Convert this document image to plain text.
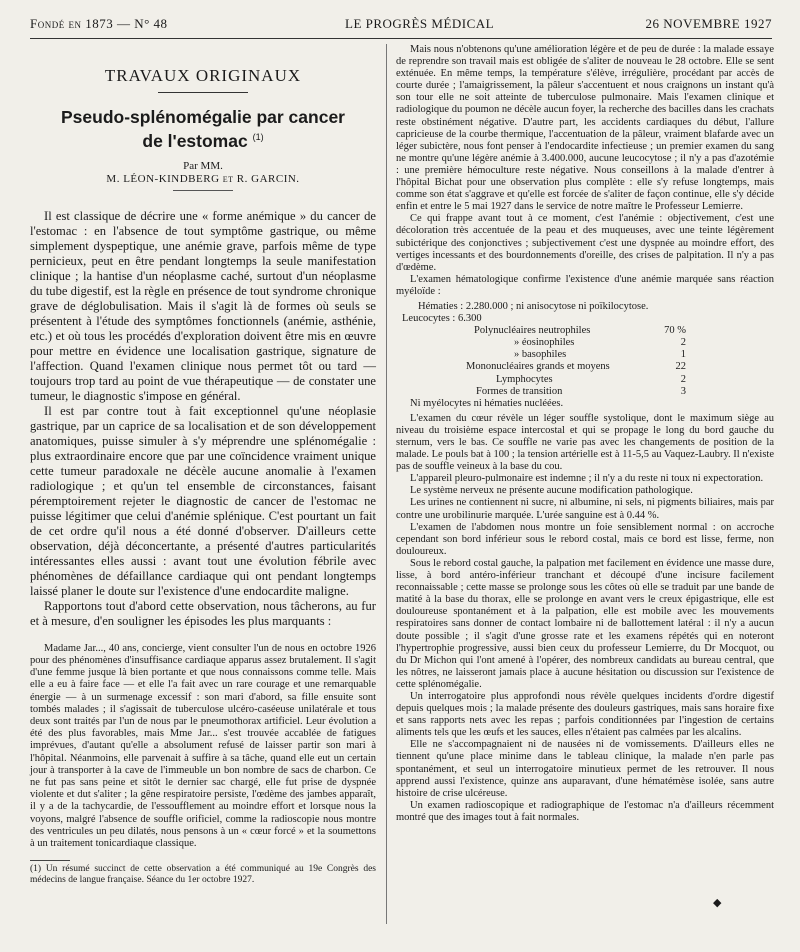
Fondé en 1873 — N° 48	LE PROGRÈS MÉDICAL	26 NOVEMBRE 1927
TRAVAUX ORIGINAUX
Pseudo-splénomégalie par cancer
de l'estomac $^{(1)}$
Par MM.
M. LÉON-KINDBERG et R. GARCIN.

Il est classique de décrire une « forme anémique » du cancer de l'estomac : en l'absence de tout symptôme gastrique, ou même simplement dyspeptique, une anémie grave, parfois même de type pernicieux, peut en être pendant longtemps la seule manifestation clinique ; la hantise d'un néoplasme caché, surtout d'un néoplasme du tube digestif, est la règle en présence de tout syndrome chronique grave de déglobulisation. Mais il s'agit là de formes où seuls se présentent à l'étude des symptômes fonctionnels (anémie, asthénie, etc.) et où tous les procédés d'exploration doivent être mis en œuvre pour mettre en évidence une localisation gastrique, signature de l'affection. Quand l'examen clinique nous permet tôt ou tard — toujours trop tard au point de vue thérapeutique — de constater une tumeur, le diagnostic s'impose en général.

Il est par contre tout à fait exceptionnel qu'une néoplasie gastrique, par un caprice de sa localisation et de son développement anatomiques, puisse simuler à s'y méprendre une splénomégalie : plus extraordinaire encore que par une coïncidence vraiment unique cette tumeur paradoxale ne décèle aucune anomalie à l'examen radiologique ; et qu'un tel ensemble de circonstances, faisant péremptoirement rejeter le diagnostic de cancer de l'estomac ne puisse légitimer que celui d'anémie splénique. C'est pourtant un fait de cet ordre qu'il nous a été donné d'observer. D'ailleurs cette observation, déjà déconcertante, a présenté d'autres particularités intéressantes elles aussi : avant tout une évolution fébrile avec phénomènes de défaillance cardiaque qui ont pendant longtemps laissé planer le doute sur l'existence d'une endocardite maligne.

Rapportons tout d'abord cette observation, nous tâcherons, au fur et à mesure, d'en souligner les épisodes les plus marquants :

Madame Jar..., 40 ans, concierge, vient consulter l'un de nous en octobre 1926 pour des phénomènes d'insuffisance cardiaque apparus assez brutalement. Il s'agit d'une femme jusque là bien portante et que nous connaissons comme telle. Mais elle a eu à faire face — et elle l'a fait avec un rare courage et une remarquable énergie — à un surmenage excessif : son mari d'abord, sa fille ensuite sont tombés malades ; il s'agissait de tuberculose ulcéro-caséeuse unilatérale et tous deux sont traités par l'un de nous par le pneumothorax artificiel. Leur évolution a été des plus favorables, mais Mme Jar... s'est trouvée accablée de fatigues imprévues, d'autant qu'elle a absolument refusé de laisser partir son mari à l'hôpital. Néanmoins, elle parvenait à suffire à sa tâche, quand elle eut un certain jour à transporter à la cave de l'immeuble un bon nombre de sacs de charbon. Ce ne fut pas sans peine et sitôt le dernier sac chargé, elle fut prise de dyspnée violente et dut s'aliter ; la gêne respiratoire persiste, l'œdème des jambes apparaît, il y a de la tachycardie, de l'essoufflement au moindre effort et lorsque nous la voyons, malgré l'absence de souffle orificiel, comme la radioscopie nous montre des ventricules un peu dilatés, nous pensons à un « cœur forcé » et la soumettons à un traitement tonicardiaque classique.

(1) Un résumé succinct de cette observation a été communiqué au 19e Congrès des médecins de langue française. Séance du 1er octobre 1927.

Mais nous n'obtenons qu'une amélioration légère et de peu de durée : la malade essaye de reprendre son travail mais est obligée de s'aliter de nouveau le 28 octobre. Elle se sent exténuée. En même temps, la température s'élève, irrégulière, procédant par accès de courte durée ; l'amaigrissement, la pâleur s'accentuent et nous craignons un instant qu'à son tour elle ne soit atteinte de tuberculose pulmonaire. Mais l'examen clinique et radiologique du poumon ne décèle aucun foyer, la recherche des bacilles dans les crachats reste obstinément négative. D'autre part, les accidents cardiaques du début, l'allure capricieuse de la courbe thermique, l'accentuation de la pâleur, vraiment blafarde avec un léger subictère, nous font penser à l'endocardite infectieuse ; un premier examen du sang ne montre qu'une légère anémie à 3.400.000, aucune leucocytose ; il n'y a pas d'azotémie : une première hémoculture reste négative. Nous conseillons à la malade d'entrer à l'hôpital Bichat pour une observation plus complète : elle s'y refuse longtemps, mais comme son état s'aggrave et qu'elle est forcée de s'aliter de façon continue, elle s'y décide enfin et entre le 5 mai 1927 dans le service de notre maître le Professeur Lemierre.

Ce qui frappe avant tout à ce moment, c'est l'anémie : objectivement, c'est une décoloration très accentuée de la peau et des muqueuses, avec une teinte légèrement subictérique des conjonctives ; subjectivement c'est une dyspnée au moindre effort, des vertiges incessants et des bourdonnements d'oreille, des crises de palpitation. Il n'y a pas d'œdème.

L'examen hématologique confirme l'existence d'une anémie marquée sans réaction myéloïde :

Hématies : 2.280.000 ; ni anisocytose ni poïkilocytose.
Leucocytes : 6.300
Polynucléaires neutrophiles	70 %
» éosinophiles	2
» basophiles	1
Mononucléaires grands et moyens	22
Lymphocytes	2
Formes de transition	3
Ni myélocytes ni hématies nucléées.

L'examen du cœur révèle un léger souffle systolique, dont le maximum siège au niveau du troisième espace intercostal et qui se propage le long du bord gauche du sternum, vers le bas. Ce souffle ne varie pas avec les changements de position de la malade. Le pouls bat à 100 ; la tension artérielle est à 11-5,5 au Vaquez-Laubry. Il n'existe pas de souffle veineux à la base du cou.

L'appareil pleuro-pulmonaire est indemne ; il n'y a du reste ni toux ni expectoration.

Le système nerveux ne présente aucune modification pathologique.

Les urines ne contiennent ni sucre, ni albumine, ni sels, ni pigments biliaires, mais par contre une urobilinurie marquée. L'urée sanguine est à 0.44 %.

L'examen de l'abdomen nous montre un foie sensiblement normal : on accroche cependant son bord inférieur sous le rebord costal, mais ce bord est lisse, ferme, non douloureux.

Sous le rebord costal gauche, la palpation met facilement en évidence une masse dure, lisse, à bord antéro-inférieur tranchant et découpé d'une incisure facilement reconnaissable ; cette masse se prolonge sous les côtes où elle se traduit par une bande de matité à la base du thorax, elle se prolonge en avant vers le creux épigastrique, elle est douloureuse spontanément et à la palpation, elle est mobile avec les mouvements respiratoires sans donner de contact lombaire ni de ballottement latéral : il n'y a aucun doute possible ; il s'agit d'une grosse rate et les examens répétés qui en noteront l'hypertrophie progressive, aussi bien ceux du professeur Lemierre, du Dr Mocquot, ou du Dr Michon qui l'ont amené à l'opérer, des nombreux candidats au bureau central, que les nôtres, ne laisseront jamais place à aucune hésitation ou discussion sur l'existence de cette splénomégalie.

Un interrogatoire plus approfondi nous révèle quelques incidents d'ordre digestif depuis quelques mois ; la malade présente des douleurs gastriques, mais sans horaire fixe et sans rapports nets avec les repas ; parfois conditionnées par l'ingestion de certains aliments tels que les œufs et les sauces, elles n'étaient pas calmées par les alcalins.

Elle ne s'accompagnaient ni de nausées ni de vomissements. D'ailleurs elles ne tiennent qu'une place minime dans le tableau clinique, la malade n'en parle pas spontanément, et seul un interrogatoire minutieux permet de les retrouver. Il nous apprend aussi l'existence, quinze ans auparavant, d'une hématémèse isolée, sans autre histoire de crise ulcéreuse.

Un examen radioscopique et radiographique de l'estomac n'a d'ailleurs récemment montré que des images tout à fait normales.

◆
